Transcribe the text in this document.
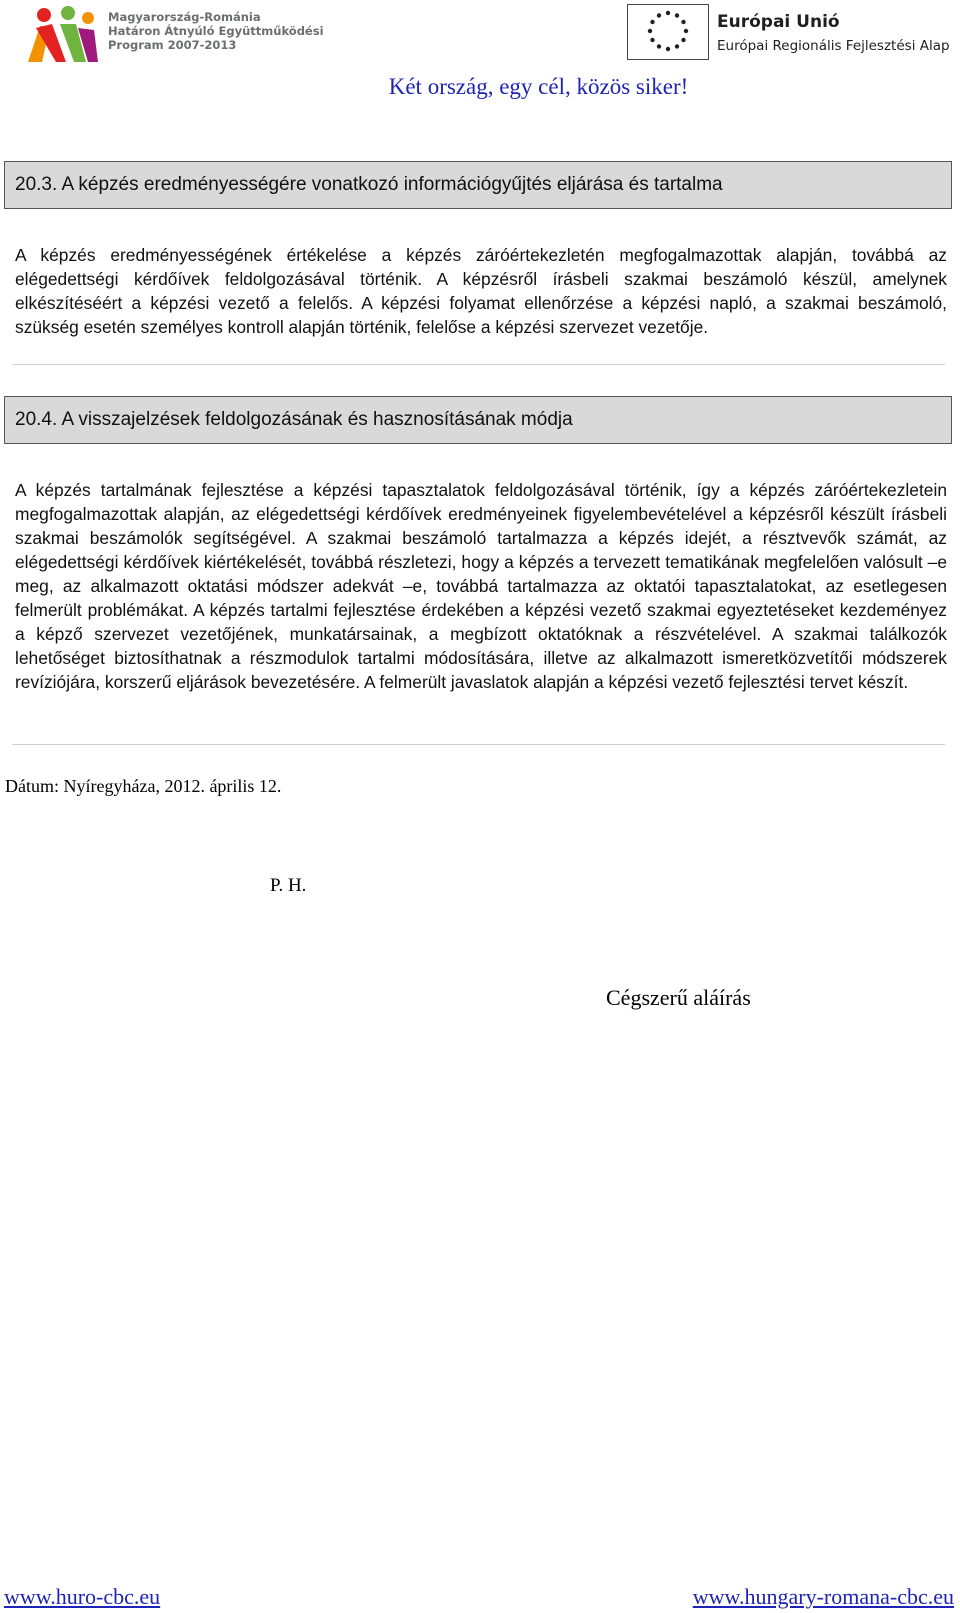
Magyarország-Románia
Határon Átnyúló Együttműködési
Program 2007-2013
Európai Unió
Európai Regionális Fejlesztési Alap
Két ország, egy cél, közös siker!
20.3. A képzés eredményességére vonatkozó információgyűjtés eljárása és tartalma
A képzés eredményességének értékelése a képzés záróértekezletén megfogalmazottak alapján, továbbá az elégedettségi kérdőívek feldolgozásával történik. A képzésről írásbeli szakmai beszámoló készül, amelynek elkészítéséért a képzési vezető a felelős. A képzési folyamat ellenőrzése a képzési napló, a szakmai beszámoló, szükség esetén személyes kontroll alapján történik, felelőse a képzési szervezet vezetője.
20.4. A visszajelzések feldolgozásának és hasznosításának módja
A képzés tartalmának fejlesztése a képzési tapasztalatok feldolgozásával történik, így a képzés záróértekezletein megfogalmazottak alapján, az elégedettségi kérdőívek eredményeinek figyelembevételével a képzésről készült írásbeli szakmai beszámolók segítségével. A szakmai beszámoló tartalmazza a képzés idejét, a résztvevők számát, az elégedettségi kérdőívek kiértékelését, továbbá részletezi, hogy a képzés a tervezett tematikának megfelelően valósult –e meg, az alkalmazott oktatási módszer adekvát –e, továbbá tartalmazza az oktatói tapasztalatokat, az esetlegesen felmerült problémákat. A képzés tartalmi fejlesztése érdekében a képzési vezető szakmai egyeztetéseket kezdeményez a képző szervezet vezetőjének, munkatársainak, a megbízott oktatóknak a részvételével. A szakmai találkozók lehetőséget biztosíthatnak a részmodulok tartalmi módosítására, illetve az alkalmazott ismeretközvetítői módszerek revíziójára, korszerű eljárások bevezetésére. A felmerült javaslatok alapján a képzési vezető fejlesztési tervet készít.
Dátum: Nyíregyháza, 2012. április 12.
P. H.
Cégszerű aláírás
www.huro-cbc.eu	www.hungary-romana-cbc.eu
